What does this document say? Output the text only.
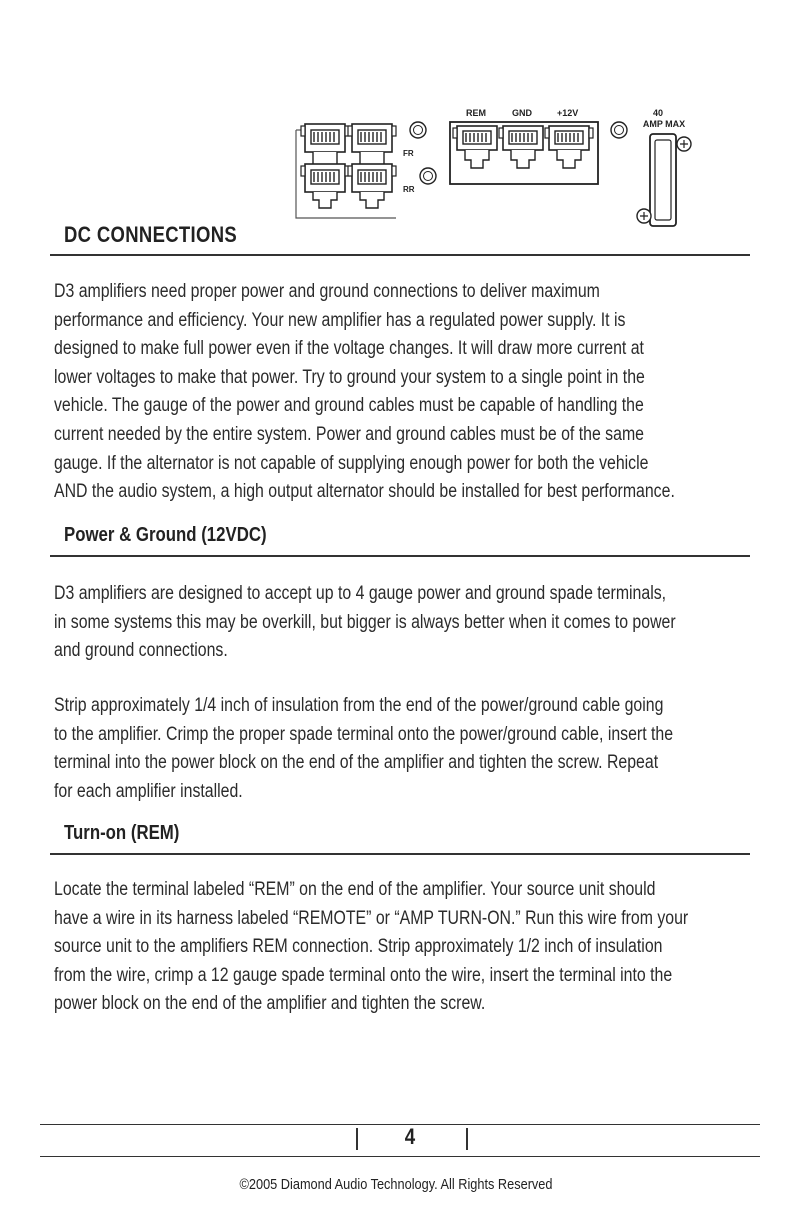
FR
RR
REM	GND	+12V	40
AMP MAX
DC CONNECTIONS

D3 amplifiers need proper power and ground connections to deliver maximum
performance and efficiency. Your new amplifier has a regulated power supply. It is
designed to make full power even if the voltage changes. It will draw more current at
lower voltages to make that power. Try to ground your system to a single point in the
vehicle. The gauge of the power and ground cables must be capable of handling the
current needed by the entire system. Power and ground cables must be of the same
gauge. If the alternator is not capable of supplying enough power for both the vehicle
AND the audio system, a high output alternator should be installed for best performance.

Power & Ground (12VDC)

D3 amplifiers are designed to accept up to 4 gauge power and ground spade terminals,
in some systems this may be overkill, but bigger is always better when it comes to power
and ground connections.

Strip approximately 1/4 inch of insulation from the end of the power/ground cable going
to the amplifier. Crimp the proper spade terminal onto the power/ground cable, insert the
terminal into the power block on the end of the amplifier and tighten the screw. Repeat
for each amplifier installed.

Turn-on (REM)

Locate the terminal labeled “REM” on the end of the amplifier. Your source unit should
have a wire in its harness labeled “REMOTE” or “AMP TURN-ON.” Run this wire from your
source unit to the amplifiers REM connection. Strip approximately 1/2 inch of insulation
from the wire, crimp a 12 gauge spade terminal onto the wire, insert the terminal into the
power block on the end of the amplifier and tighten the screw.

4
©2005 Diamond Audio Technology. All Rights Reserved
